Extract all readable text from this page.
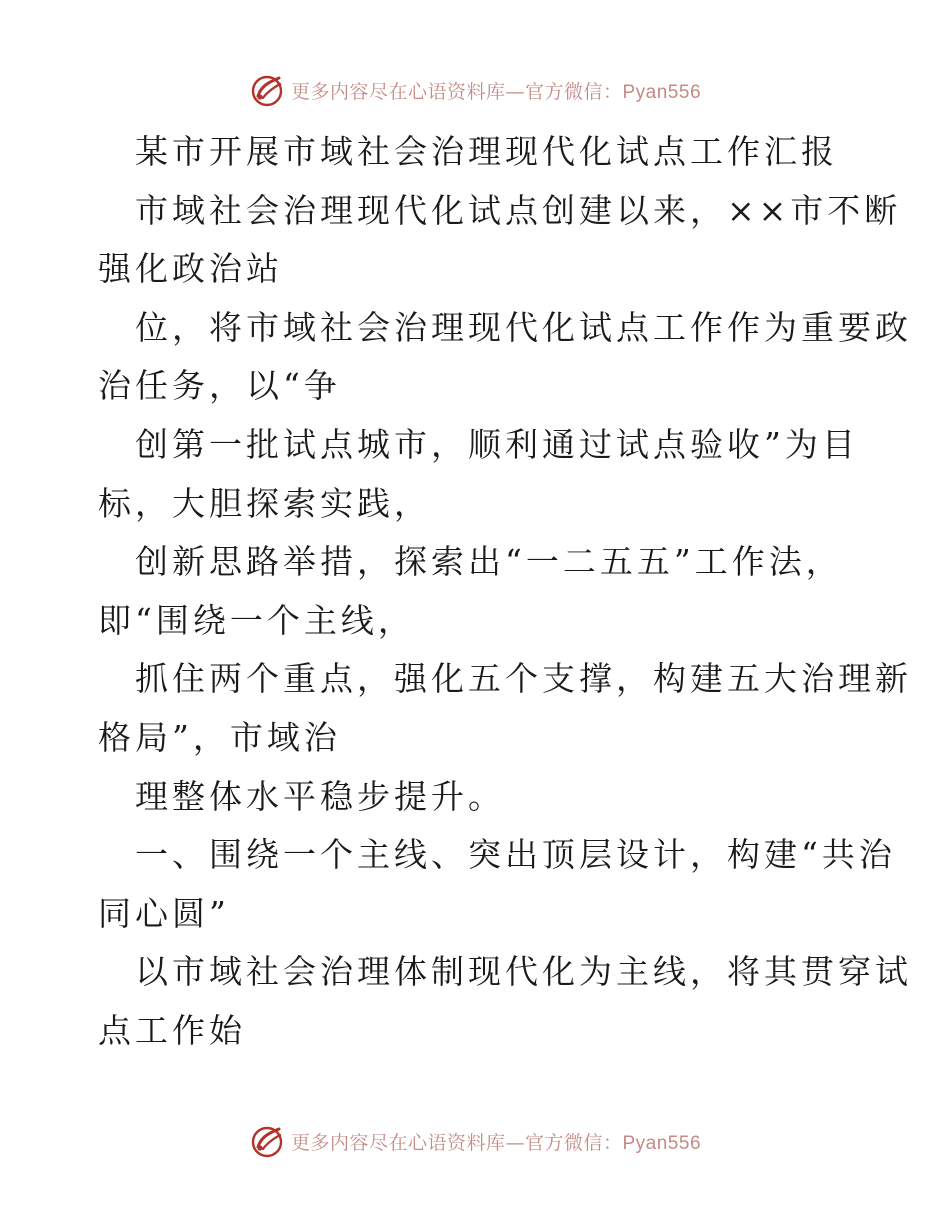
更多内容尽在心语资料库—官方微信：Pyan556
某市开展市域社会治理现代化试点工作汇报
市域社会治理现代化试点创建以来，××市不断
强化政治站
位，将市域社会治理现代化试点工作作为重要政
治任务，以“争
创第一批试点城市，顺利通过试点验收”为目
标，大胆探索实践，
创新思路举措，探索出“一二五五”工作法，
即“围绕一个主线，
抓住两个重点，强化五个支撑，构建五大治理新
格局”，市域治
理整体水平稳步提升。
一、围绕一个主线、突出顶层设计，构建“共治
同心圆”
以市域社会治理体制现代化为主线，将其贯穿试
点工作始
更多内容尽在心语资料库—官方微信：Pyan556
